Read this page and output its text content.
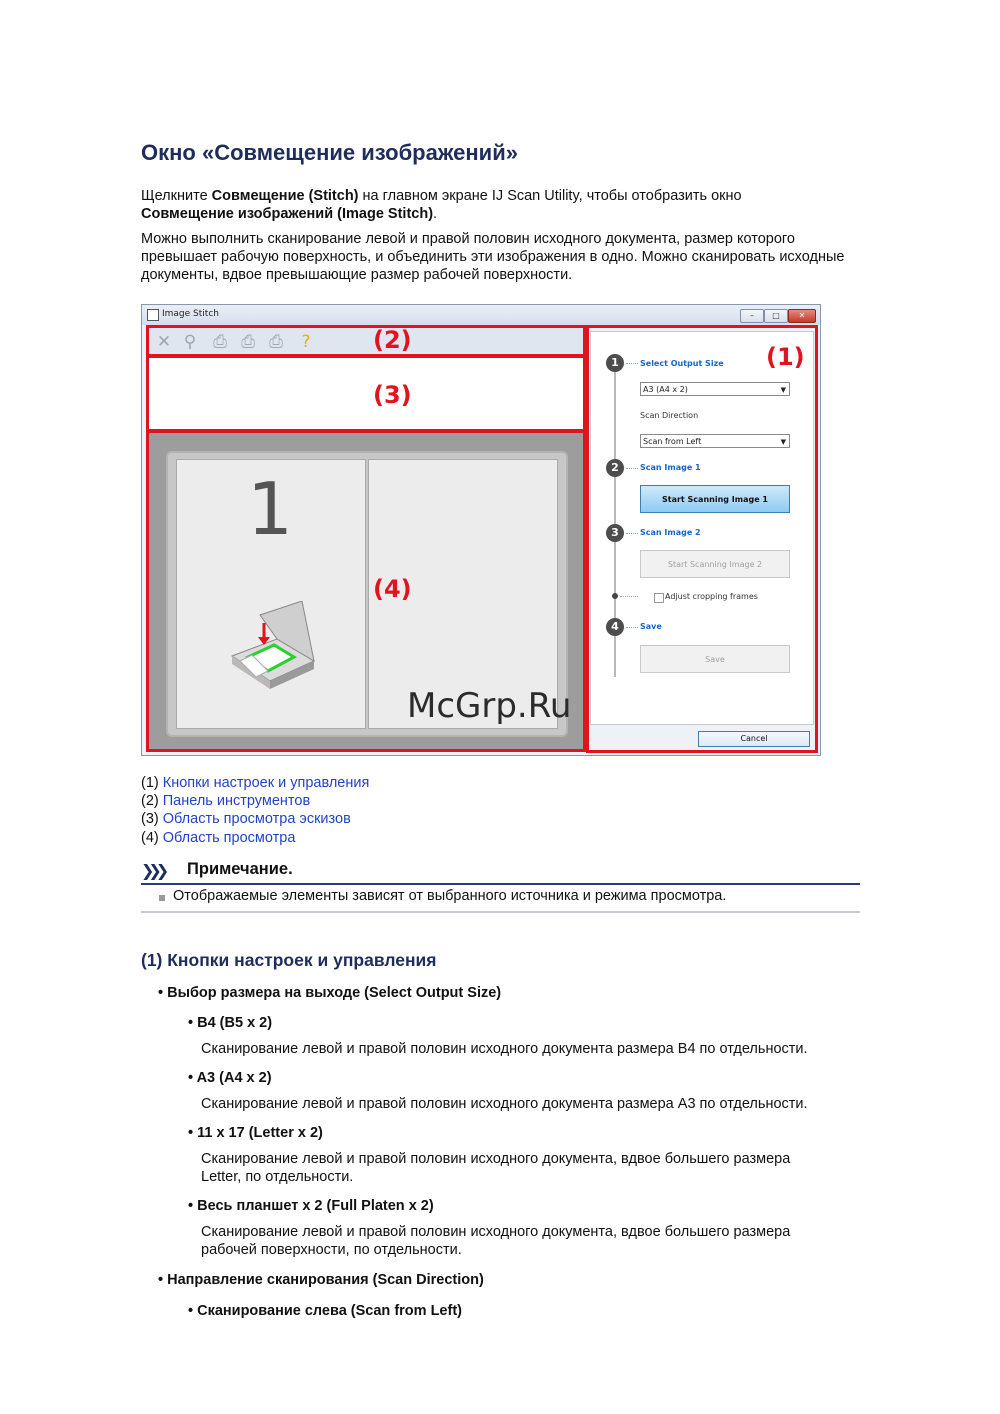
Окно «Совмещение изображений»

Щелкните Совмещение (Stitch) на главном экране IJ Scan Utility, чтобы отобразить окно
Совмещение изображений (Image Stitch).

Можно выполнить сканирование левой и правой половин исходного документа, размер которого превышает рабочую поверхность, и объединить эти изображения в одно. Можно сканировать исходные документы, вдвое превышающие размер рабочей поверхности.

Image Stitch	–	□	✕
✕ ⚲ ⎙ ⎙ ⎙	?	(2)
(3)
1
(4)
1	Select Output Size
A3 (A4 x 2)	▼
Scan Direction
Scan from Left	▼
2	Scan Image 1
Start Scanning Image 1
3	Scan Image 2
Start Scanning Image 2
Adjust cropping frames
4	Save
Save
(1)
Cancel
McGrp.Ru
(1) Кнопки настроек и управления
(2) Панель инструментов
(3) Область просмотра эскизов
(4) Область просмотра
❯❯❯ Примечание.
Отображаемые элементы зависят от выбранного источника и режима просмотра.
(1) Кнопки настроек и управления
• Выбор размера на выходе (Select Output Size)
• B4 (B5 x 2)
Сканирование левой и правой половин исходного документа размера B4 по отдельности.
• A3 (A4 x 2)
Сканирование левой и правой половин исходного документа размера A3 по отдельности.
• 11 x 17 (Letter x 2)
Сканирование левой и правой половин исходного документа, вдвое большего размера Letter, по отдельности.
• Весь планшет x 2 (Full Platen x 2)
Сканирование левой и правой половин исходного документа, вдвое большего размера рабочей поверхности, по отдельности.
• Направление сканирования (Scan Direction)
• Сканирование слева (Scan from Left)
